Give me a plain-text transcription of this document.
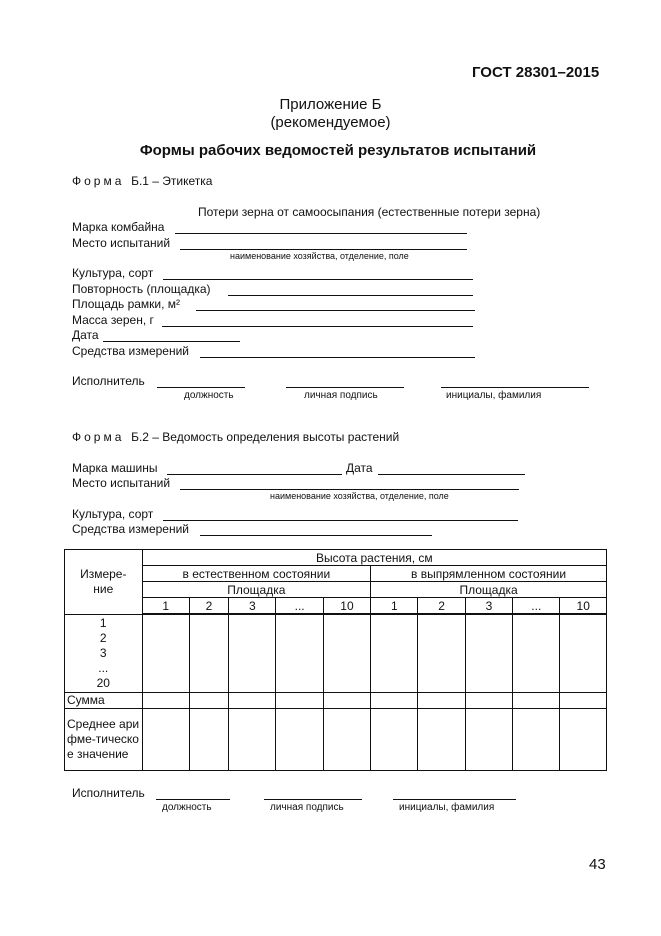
ГОСТ 28301–2015
Приложение Б
(рекомендуемое)
Формы рабочих ведомостей результатов испытаний
Форма Б.1 – Этикетка
Потери зерна от самоосыпания (естественные потери зерна)
Марка комбайна
Место испытаний
наименование хозяйства, отделение, поле
Культура, сорт
Повторность (площадка)
Площадь рамки, м²
Масса зерен, г
Дата
Средства измерений
Исполнитель
должность	личная подпись	инициалы, фамилия
Форма Б.2 – Ведомость определения высоты растений
Марка машины	Дата
Место испытаний
наименование хозяйства, отделение, поле
Культура, сорт
Средства измерений
Измере-
ние	Высота растения, см									
	в естественном состоянии					в выпрямленном состоянии				
	Площадка					Площадка				
	1	2	3	...	10	1	2	3	...	10

1
2
3
...
20										

Сумма										
Среднее арифме-тическое значение										
Исполнитель
должность	личная подпись	инициалы, фамилия
43
